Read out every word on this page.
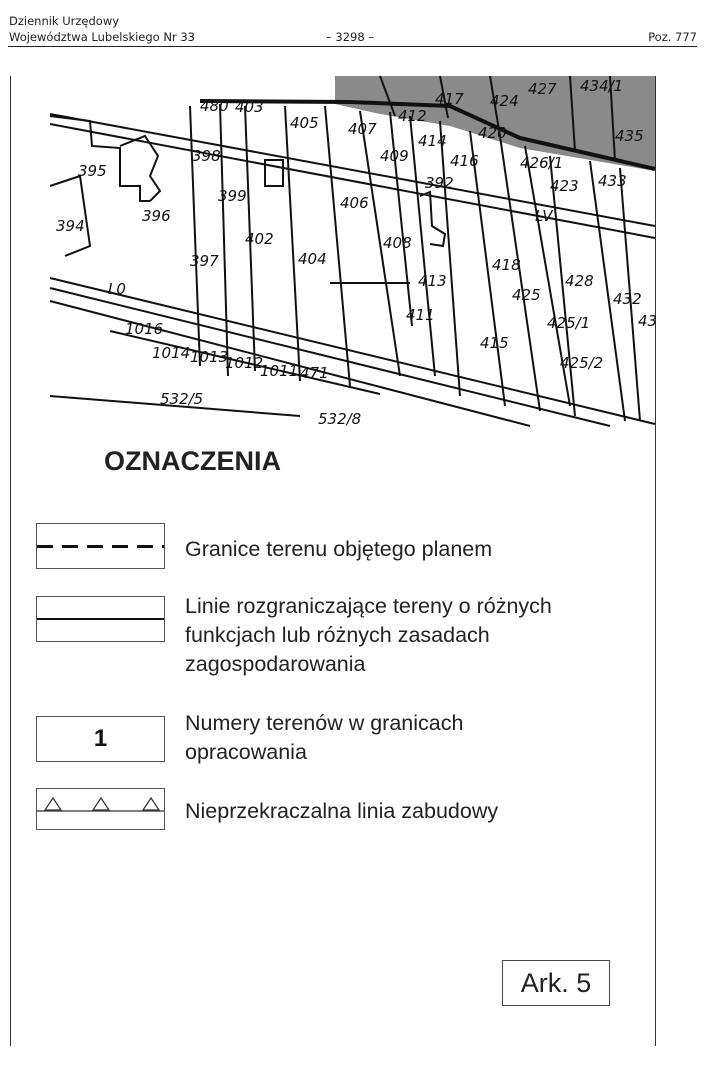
Dziennik Urzędowy
Województwa Lubelskiego Nr 33	– 3298 –	Poz. 777
480 403
405 407
412
417 424
427 434/1
398
397
395
396
394
399
402
404
406
408
409
414
416
420
426/1
423 433
435
392
413
411
418
428
425	432
425/1
425/2
415
L0
LV
1016
1014 1013
1012
1011 471
532/5
532/8
43
OZNACZENIA
Granice terenu objętego planem
Linie rozgraniczające tereny o różnych
funkcjach lub różnych zasadach
zagospodarowania
1
Numery terenów w granicach
opracowania
Nieprzekraczalna linia zabudowy
Ark. 5
